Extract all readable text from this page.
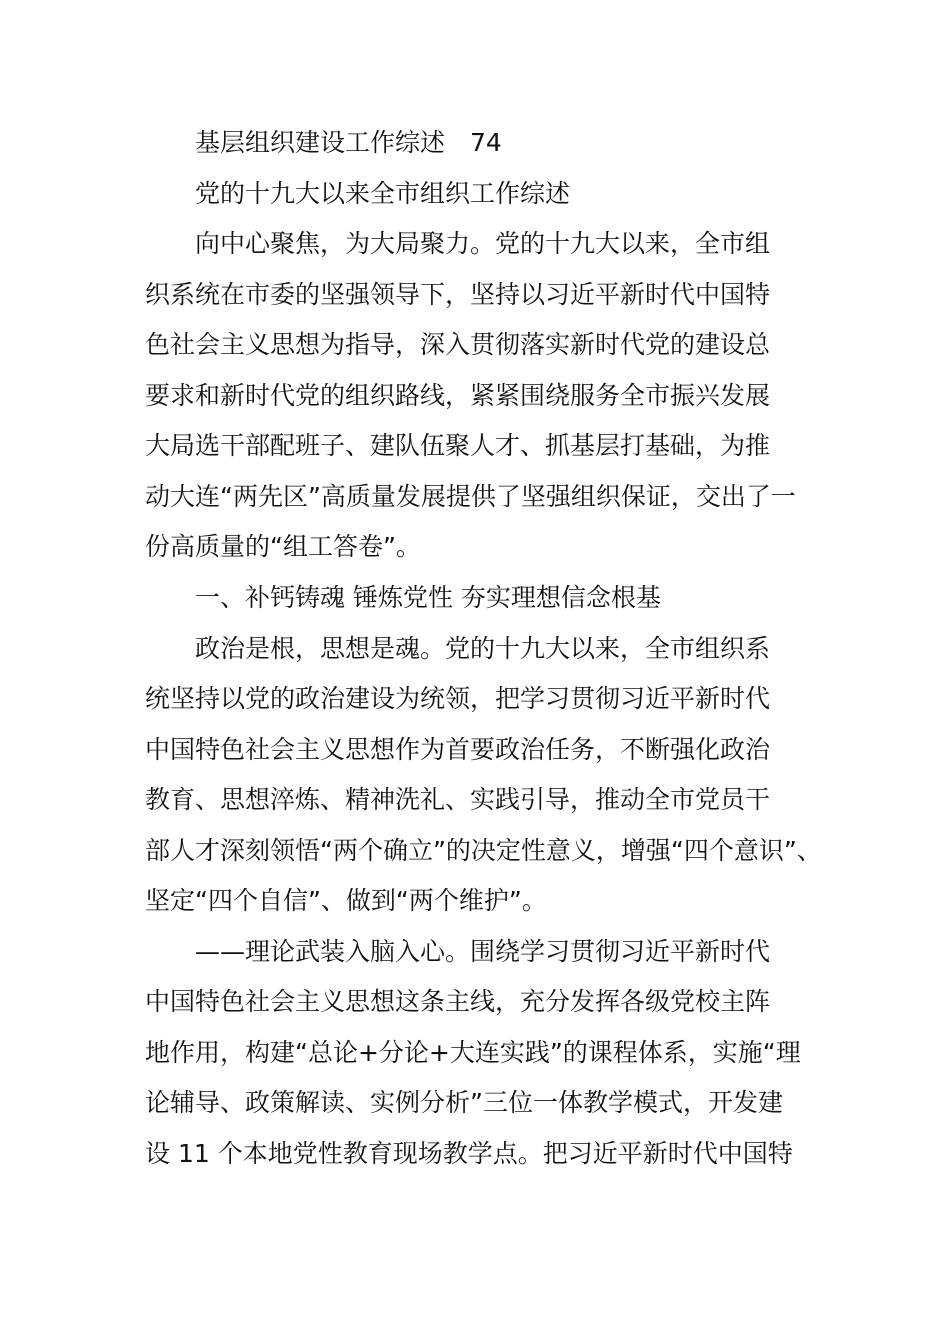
基层组织建设工作综述　74
党的十九大以来全市组织工作综述
向中心聚焦，为大局聚力。党的十九大以来，全市组
织系统在市委的坚强领导下，坚持以习近平新时代中国特
色社会主义思想为指导，深入贯彻落实新时代党的建设总
要求和新时代党的组织路线，紧紧围绕服务全市振兴发展
大局选干部配班子、建队伍聚人才、抓基层打基础，为推
动大连“两先区”高质量发展提供了坚强组织保证，交出了一
份高质量的“组工答卷”。
一、补钙铸魂 锤炼党性 夯实理想信念根基
政治是根，思想是魂。党的十九大以来，全市组织系
统坚持以党的政治建设为统领，把学习贯彻习近平新时代
中国特色社会主义思想作为首要政治任务，不断强化政治
教育、思想淬炼、精神洗礼、实践引导，推动全市党员干
部人才深刻领悟“两个确立”的决定性意义，增强“四个意识”、
坚定“四个自信”、做到“两个维护”。
——理论武装入脑入心。围绕学习贯彻习近平新时代
中国特色社会主义思想这条主线，充分发挥各级党校主阵
地作用，构建“总论+分论+大连实践”的课程体系，实施“理
论辅导、政策解读、实例分析”三位一体教学模式，开发建
设 11 个本地党性教育现场教学点。把习近平新时代中国特
